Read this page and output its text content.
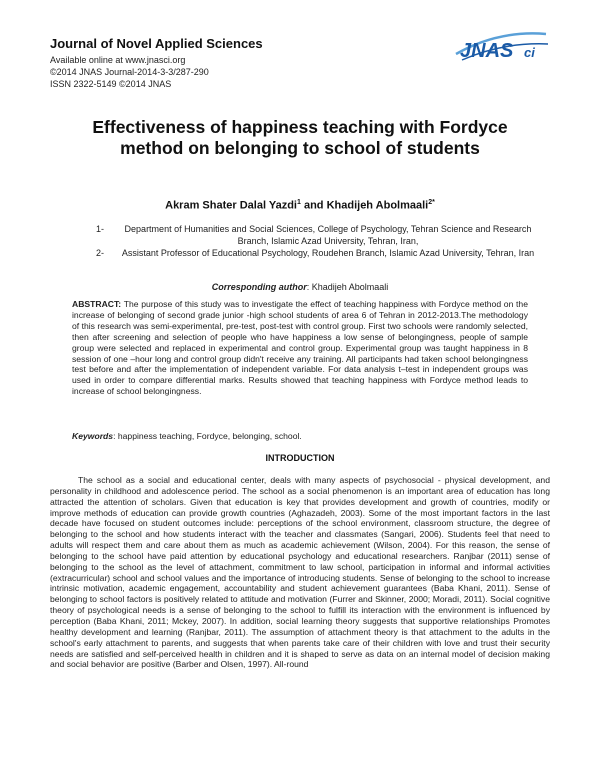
Journal of Novel Applied Sciences
Available online at www.jnasci.org
©2014 JNAS Journal-2014-3-3/287-290
ISSN 2322-5149 ©2014 JNAS
JNAS ci
Effectiveness of happiness teaching with Fordyce method on belonging to school of students
Akram Shater Dalal Yazdi$^1$ and Khadijeh Abolmaali$^{2*}$
1- Department of Humanities and Social Sciences, College of Psychology, Tehran Science and Research Branch, Islamic Azad University, Tehran, Iran,
2- Assistant Professor of Educational Psychology, Roudehen Branch, Islamic Azad University, Tehran, Iran
Corresponding author: Khadijeh Abolmaali
ABSTRACT: The purpose of this study was to investigate the effect of teaching happiness with Fordyce method on the increase of belonging of second grade junior -high school students of area 6 of Tehran in 2012-2013.The methodology of this research was semi-experimental, pre-test, post-test with control group. First two schools were randomly selected, then after screening and selection of people who have happiness a low sense of belongingness, people of sample group were selected and replaced in experimental and control group. Experimental group was taught happiness in 8 session of one –hour long and control group didn't receive any training. All participants had taken school belongingness test before and after the implementation of independent variable. For data analysis t–test in independent groups was used in order to compare differential marks. Results showed that teaching happiness with Fordyce method leads to increase of school belongingness.
Keywords: happiness teaching, Fordyce, belonging, school.
INTRODUCTION
The school as a social and educational center, deals with many aspects of psychosocial - physical development, and personality in childhood and adolescence period. The school as a social phenomenon is an important area of education has long attracted the attention of scholars. Given that education is key that provides development and growth of countries, modify or improve methods of education can provide growth countries (Aghazadeh, 2003). Some of the most important factors in the last decade have focused on student outcomes include: perceptions of the school environment, classroom structure, the degree of belonging to the school and how students interact with the teacher and classmates (Sangari, 2006). Students feel that need to adults will respect them and care about them as much as academic achievement (Wilson, 2004). For this reason, the sense of belonging to the school have paid attention by educational psychology and educational researchers. Ranjbar (2011) sense of belonging to the school as the level of attachment, commitment to law school, participation in informal and informal activities (extracurricular) school and school values and the importance of introducing students. Sense of belonging to the school to increase intrinsic motivation, academic engagement, accountability and student achievement guarantees (Baba Khani, 2011). Sense of belonging to school factors is positively related to attitude and motivation (Furrer and Skinner, 2000; Moradi, 2011). Social cognitive theory of psychological needs is a sense of belonging to the school to fulfill its interaction with the environment is influenced by perception (Baba Khani, 2011; Mckey, 2007). In addition, social learning theory suggests that supportive relationships Promotes healthy development and learning (Ranjbar, 2011). The assumption of attachment theory is that attachment to the adults in the school's early attachment to parents, and suggests that when parents take care of their children with love and trust their security needs are satisfied and self-perceived health in children and it is shaped to serve as data on an internal model of decision making and social behavior are positive (Barber and Olsen, 1997). All-round
